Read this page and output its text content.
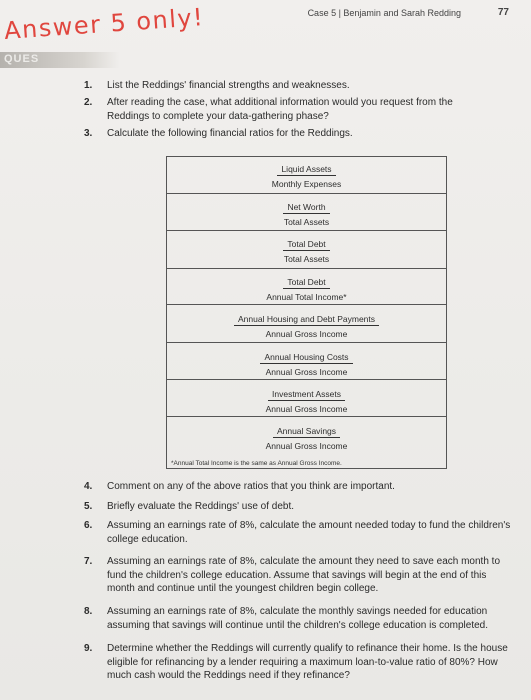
Answer 5 only!	Case 5 | Benjamin and Sarah Redding	77
QUES
1. List the Reddings' financial strengths and weaknesses.
2. After reading the case, what additional information would you request from the Reddings to complete your data-gathering phase?
3. Calculate the following financial ratios for the Reddings.
Liquid Assets
Monthly Expenses
Net Worth
Total Assets
Total Debt
Total Assets
Total Debt
Annual Total Income*
Annual Housing and Debt Payments
Annual Gross Income
Annual Housing Costs
Annual Gross Income
Investment Assets
Annual Gross Income
Annual Savings
Annual Gross Income
*Annual Total Income is the same as Annual Gross Income.
4. Comment on any of the above ratios that you think are important.
5. Briefly evaluate the Reddings' use of debt.
6. Assuming an earnings rate of 8%, calculate the amount needed today to fund the children's college education.
7. Assuming an earnings rate of 8%, calculate the amount they need to save each month to fund the children's college education. Assume that savings will begin at the end of this month and continue until the youngest children begin college.
8. Assuming an earnings rate of 8%, calculate the monthly savings needed for education assuming that savings will continue until the children's college education is completed.
9. Determine whether the Reddings will currently qualify to refinance their home. Is the house eligible for refinancing by a lender requiring a maximum loan-to-value ratio of 80%? How much cash would the Reddings need if they refinance?
